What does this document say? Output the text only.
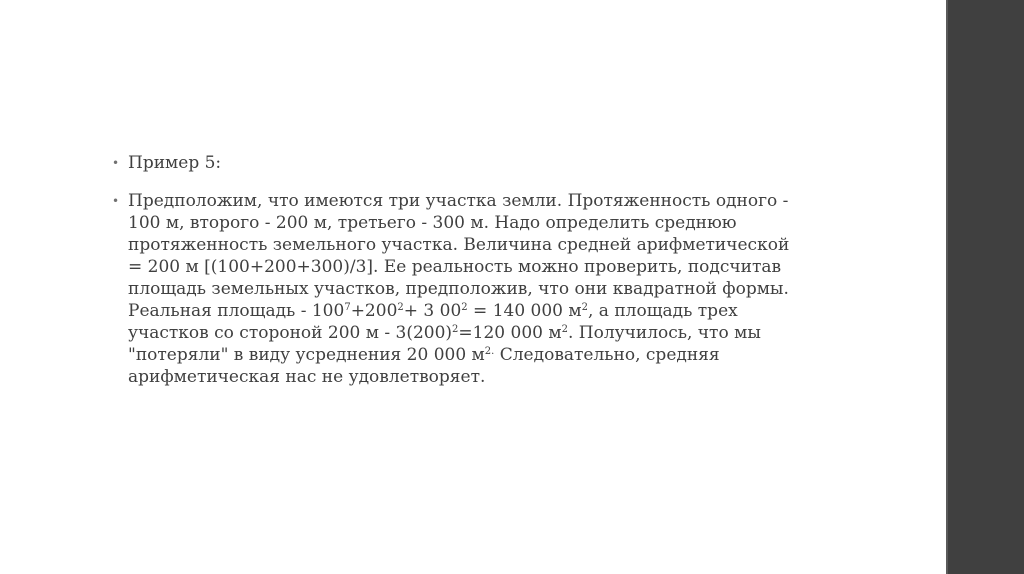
• Пример 5:
• Предположим, что имеются три участка земли. Протяженность одного -
100 м, второго - 200 м, третьего - 300 м. Надо определить среднюю
протяженность земельного участка. Величина средней арифметической
= 200 м [(100+200+300)/3]. Ее реальность можно проверить, подсчитав
площадь земельных участков, предположив, что они квадратной формы.
Реальная площадь - $100^7+200^2+ 3$ $00^2 = 140$ 000 $м^2$, а площадь трех
участков со стороной 200 $м - 3(200)^2=120$ 000 $м^2$. Получилось, что мы
"потеряли" в виду усреднения 20 000 $м^{2.}$ Следовательно, средняя
арифметическая нас не удовлетворяет.
